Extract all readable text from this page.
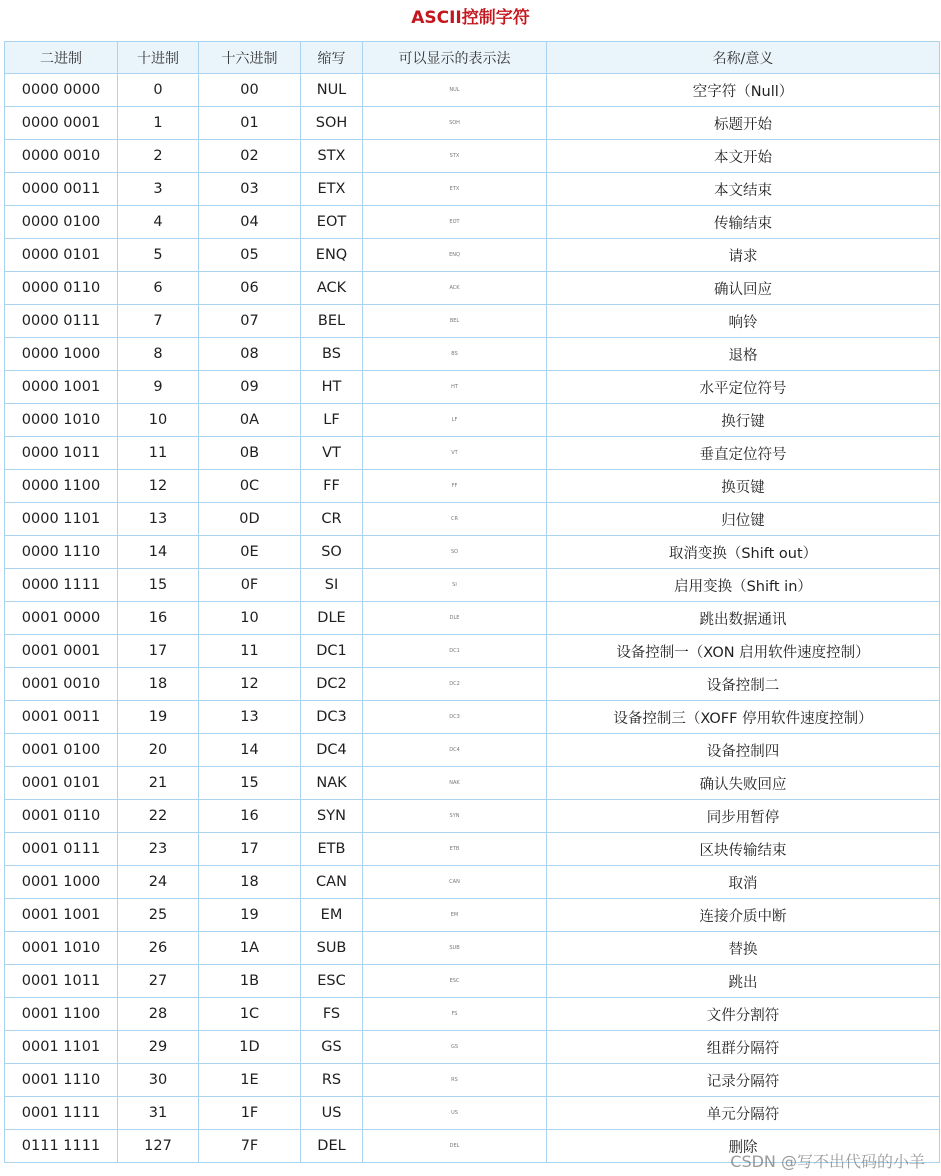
ASCII控制字符
二进制	十进制	十六进制	缩写	可以显示的表示法	名称/意义
0000 0000	0	00	NUL	NUL	空字符（Null）
0000 0001	1	01	SOH	SOH	标题开始
0000 0010	2	02	STX	STX	本文开始
0000 0011	3	03	ETX	ETX	本文结束
0000 0100	4	04	EOT	EOT	传输结束
0000 0101	5	05	ENQ	ENQ	请求
0000 0110	6	06	ACK	ACK	确认回应
0000 0111	7	07	BEL	BEL	响铃
0000 1000	8	08	BS	BS	退格
0000 1001	9	09	HT	HT	水平定位符号
0000 1010	10	0A	LF	LF	换行键
0000 1011	11	0B	VT	VT	垂直定位符号
0000 1100	12	0C	FF	FF	换页键
0000 1101	13	0D	CR	CR	归位键
0000 1110	14	0E	SO	SO	取消变换（Shift out）
0000 1111	15	0F	SI	SI	启用变换（Shift in）
0001 0000	16	10	DLE	DLE	跳出数据通讯
0001 0001	17	11	DC1	DC1	设备控制一（XON 启用软件速度控制）
0001 0010	18	12	DC2	DC2	设备控制二
0001 0011	19	13	DC3	DC3	设备控制三（XOFF 停用软件速度控制）
0001 0100	20	14	DC4	DC4	设备控制四
0001 0101	21	15	NAK	NAK	确认失败回应
0001 0110	22	16	SYN	SYN	同步用暂停
0001 0111	23	17	ETB	ETB	区块传输结束
0001 1000	24	18	CAN	CAN	取消
0001 1001	25	19	EM	EM	连接介质中断
0001 1010	26	1A	SUB	SUB	替换
0001 1011	27	1B	ESC	ESC	跳出
0001 1100	28	1C	FS	FS	文件分割符
0001 1101	29	1D	GS	GS	组群分隔符
0001 1110	30	1E	RS	RS	记录分隔符
0001 1111	31	1F	US	US	单元分隔符
0111 1111	127	7F	DEL	DEL	删除
CSDN @写不出代码的小羊
